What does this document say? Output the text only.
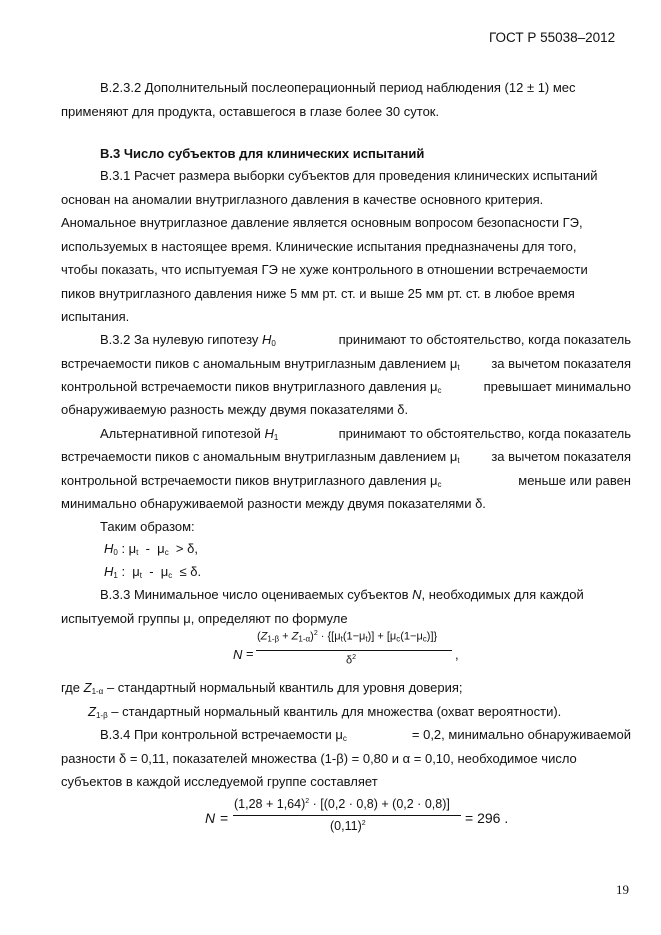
ГОСТ Р 55038–2012
B.2.3.2 Дополнительный послеоперационный период наблюдения (12 ± 1) мес
применяют для продукта, оставшегося в глазе более 30 суток.
В.3 Число субъектов для клинических испытаний
В.3.1 Расчет размера выборки субъектов для проведения клинических испытаний
основан на аномалии внутриглазного давления в качестве основного критерия.
Аномальное внутриглазное давление является основным вопросом безопасности ГЭ,
используемых в настоящее время. Клинические испытания предназначены для того,
чтобы показать, что испытуемая ГЭ не хуже контрольного в отношении встречаемости
пиков внутриглазного давления ниже 5 мм рт. ст. и выше 25 мм рт. ст. в любое время
испытания.
В.3.2 За нулевую гипотезу $H_0$	принимают то обстоятельство, когда показатель
встречаемости пиков с аномальным внутриглазным давлением $\mu_t$ за вычетом показателя
контрольной встречаемости пиков внутриглазного давления $\mu_c$	превышает минимально
обнаруживаемую разность между двумя показателями δ.
Альтернативной гипотезой $H_1$	принимают то обстоятельство, когда показатель
встречаемости пиков с аномальным внутриглазным давлением $\mu_t$ за вычетом показателя
контрольной встречаемости пиков внутриглазного давления $\mu_c$	меньше или равен
минимально обнаруживаемой разности между двумя показателями δ.
Таким образом:
$H_0$ : $\mu_t - \mu_c > \delta$,
$H_1$ :  $\mu_t - \mu_c \le \delta$.
В.3.3 Минимальное число оцениваемых субъектов N, необходимых для каждой
испытуемой группы μ, определяют по формуле
N =
$(Z_{1-\beta} + Z_{1-\alpha})^2 \cdot \{[\mu_t(1-\mu_t)] + [\mu_c(1-\mu_c)]\}$
$\delta^2$	,
где $Z_{1-\alpha}$ – стандартный нормальный квантиль для уровня доверия;
$Z_{1-\beta}$ – стандартный нормальный квантиль для множества (охват вероятности).
В.3.4 При контрольной встречаемости $\mu_c$	= 0,2, минимально обнаруживаемой
разности δ = 0,11, показателей множества (1-β) = 0,80 и α = 0,10, необходимое число
субъектов в каждой исследуемой группе составляет
N =
$(1,28 + 1,64)^2 \cdot [(0,2 \cdot 0,8) + (0,2 \cdot 0,8)]$
$(0,11)^2$	= 296 .
19
